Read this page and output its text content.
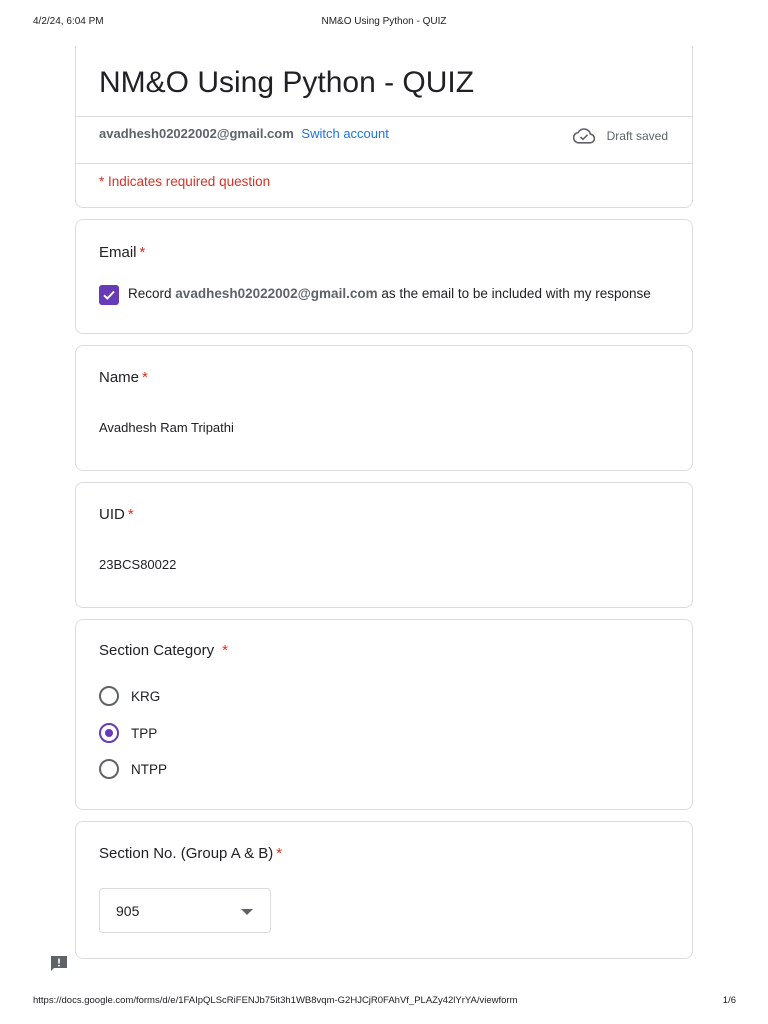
4/2/24, 6:04 PM	NM&O Using Python - QUIZ
NM&O Using Python - QUIZ
avadhesh02022002@gmail.com Switch account	Draft saved
* Indicates required question
Email *
Record avadhesh02022002@gmail.com as the email to be included with my response
Name *
Avadhesh Ram Tripathi
UID *
23BCS80022
Section Category *
KRG
TPP
NTPP
Section No. (Group A & B) *
905
https://docs.google.com/forms/d/e/1FAIpQLScRiFENJb75it3h1WB8vqm-G2HJCjR0FAhVf_PLAZy42lYrYA/viewform	1/6
